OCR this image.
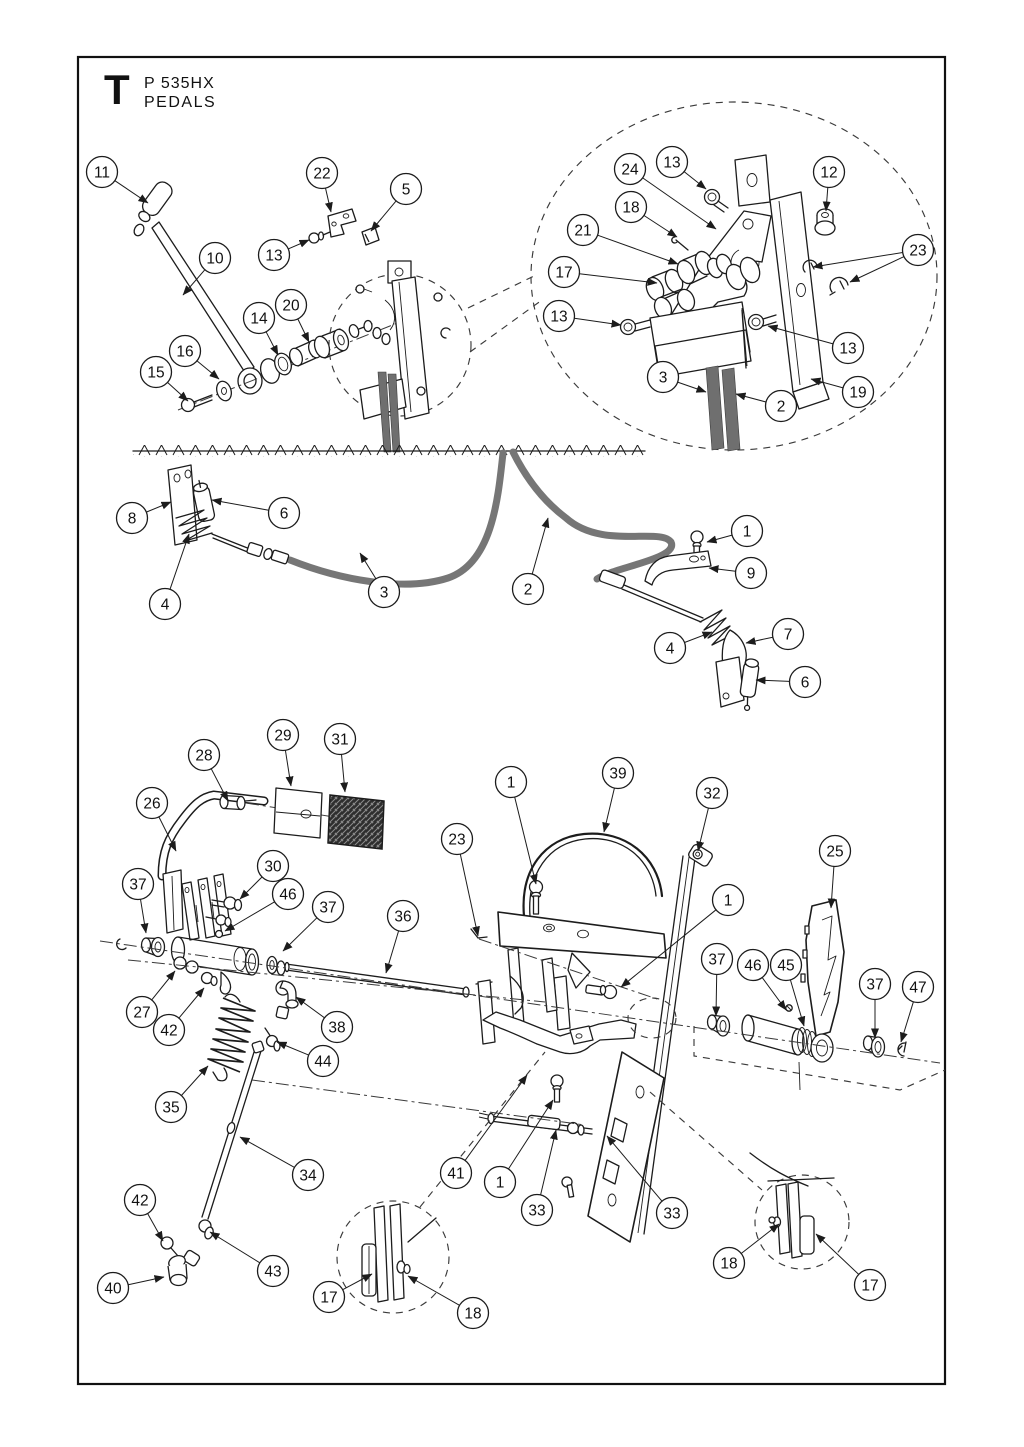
T P 535HX
PEDALS
11	22
5
13
10
20
14
16
15
24 13
12
18
21
17
13
23
13
19
3
2
8	6
4
3	2
1
9
7
4
6
28
29	31
26
30
46
37
37
36
23
1
39
32
25
1
37 46 45
37 47
27
42	38
44
35
34
42
40
43
17
18
41
1
33	33
18
17
